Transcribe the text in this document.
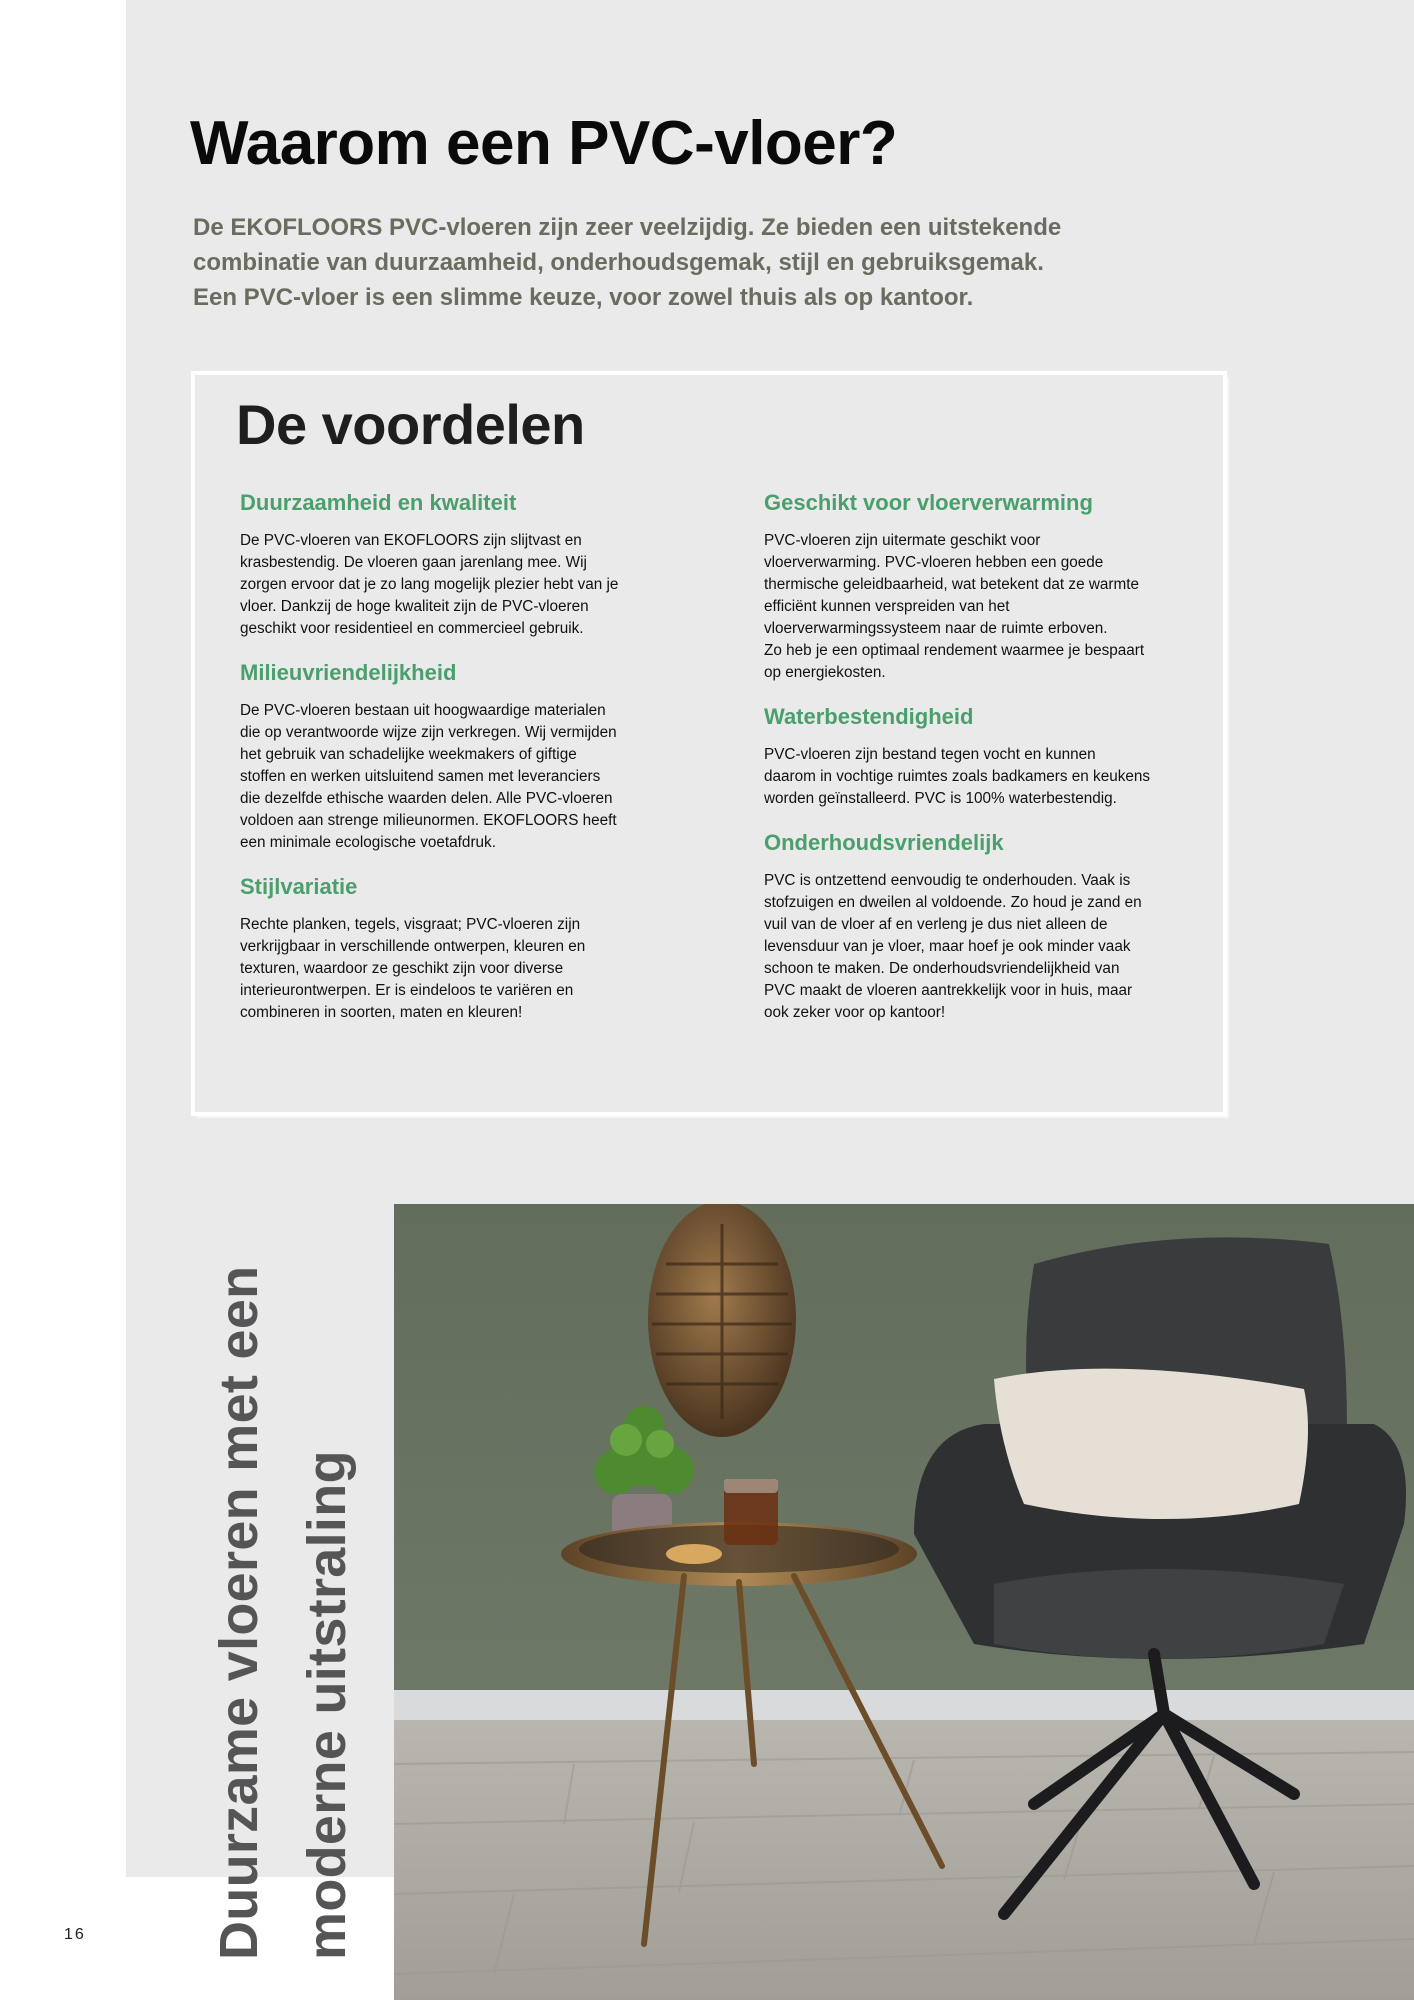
Waarom een PVC-vloer?
De EKOFLOORS PVC-vloeren zijn zeer veelzijdig. Ze bieden een uitstekende
combinatie van duurzaamheid, onderhoudsgemak, stijl en gebruiksgemak.
Een PVC-vloer is een slimme keuze, voor zowel thuis als op kantoor.
De voordelen
Duurzaamheid en kwaliteit

De PVC-vloeren van EKOFLOORS zijn slijtvast en
krasbestendig. De vloeren gaan jarenlang mee. Wij
zorgen ervoor dat je zo lang mogelijk plezier hebt van je
vloer. Dankzij de hoge kwaliteit zijn de PVC-vloeren
geschikt voor residentieel en commercieel gebruik.

Milieuvriendelijkheid

De PVC-vloeren bestaan uit hoogwaardige materialen
die op verantwoorde wijze zijn verkregen. Wij vermijden
het gebruik van schadelijke weekmakers of giftige
stoffen en werken uitsluitend samen met leveranciers
die dezelfde ethische waarden delen. Alle PVC-vloeren
voldoen aan strenge milieunormen. EKOFLOORS heeft
een minimale ecologische voetafdruk.

Stijlvariatie

Rechte planken, tegels, visgraat; PVC-vloeren zijn
verkrijgbaar in verschillende ontwerpen, kleuren en
texturen, waardoor ze geschikt zijn voor diverse
interieurontwerpen. Er is eindeloos te variëren en
combineren in soorten, maten en kleuren!

Geschikt voor vloerverwarming

PVC-vloeren zijn uitermate geschikt voor
vloerverwarming. PVC-vloeren hebben een goede
thermische geleidbaarheid, wat betekent dat ze warmte
efficiënt kunnen verspreiden van het
vloerverwarmingssysteem naar de ruimte erboven.
Zo heb je een optimaal rendement waarmee je bespaart
op energiekosten.

Waterbestendigheid

PVC-vloeren zijn bestand tegen vocht en kunnen
daarom in vochtige ruimtes zoals badkamers en keukens
worden geïnstalleerd. PVC is 100% waterbestendig.

Onderhoudsvriendelijk

PVC is ontzettend eenvoudig te onderhouden. Vaak is
stofzuigen en dweilen al voldoende. Zo houd je zand en
vuil van de vloer af en verleng je dus niet alleen de
levensduur van je vloer, maar hoef je ook minder vaak
schoon te maken. De onderhoudsvriendelijkheid van
PVC maakt de vloeren aantrekkelijk voor in huis, maar
ook zeker voor op kantoor!

Duurzame vloeren met een moderne uitstraling
16
